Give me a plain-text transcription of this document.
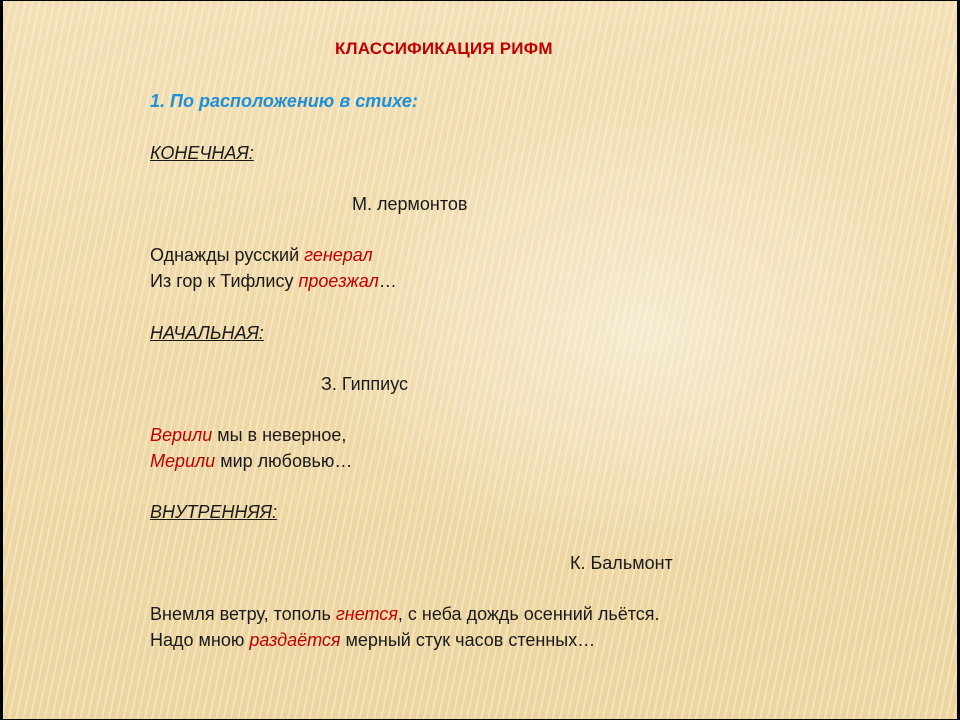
КЛАССИФИКАЦИЯ РИФМ
1. По расположению в стихе:
КОНЕЧНАЯ:
М. лермонтов
Однажды русский генерал
Из гор к Тифлису проезжал…
НАЧАЛЬНАЯ:
З. Гиппиус
Верили мы в неверное,
Мерили мир любовью…
ВНУТРЕННЯЯ:
К. Бальмонт
Внемля ветру, тополь гнется, с неба дождь осенний льётся.
Надо мною раздаётся мерный стук часов стенных…
